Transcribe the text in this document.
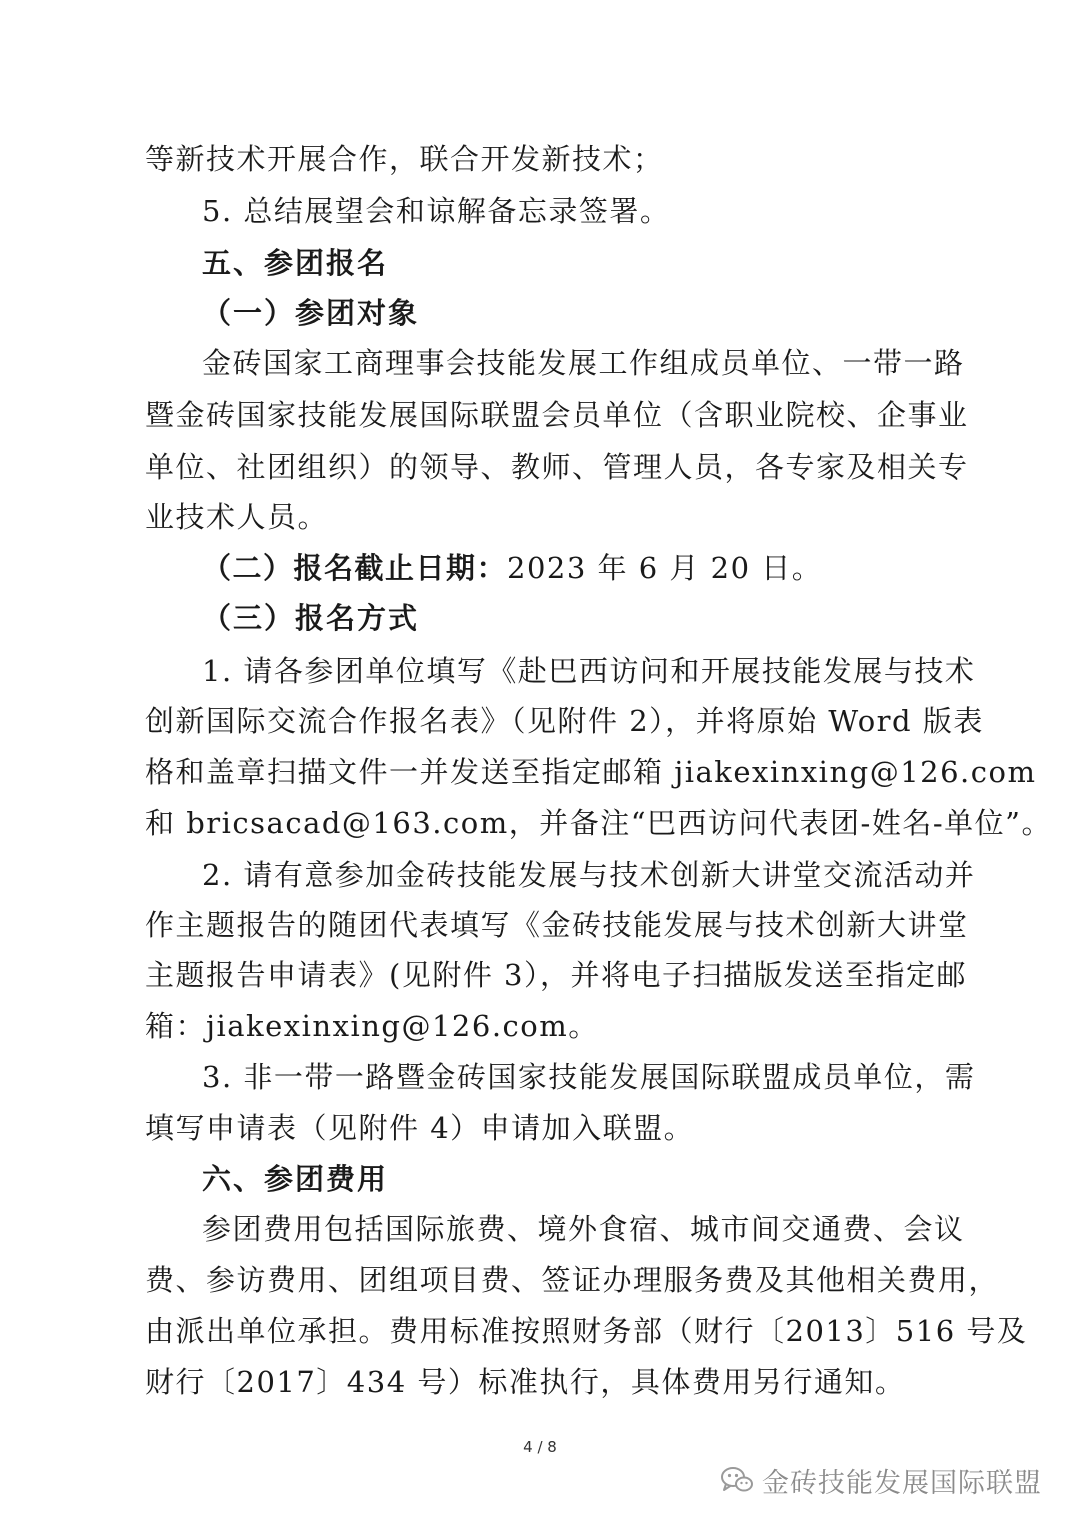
等新技术开展合作，联合开发新技术；
5. 总结展望会和谅解备忘录签署。
五、参团报名
（一）参团对象
金砖国家工商理事会技能发展工作组成员单位、一带一路
暨金砖国家技能发展国际联盟会员单位（含职业院校、企事业
单位、社团组织）的领导、教师、管理人员，各专家及相关专
业技术人员。
（二）报名截止日期：2023 年 6 月 20 日。
（三）报名方式
1. 请各参团单位填写《赴巴西访问和开展技能发展与技术
创新国际交流合作报名表》（见附件 2），并将原始 Word 版表
格和盖章扫描文件一并发送至指定邮箱 jiakexinxing@126.com
和 bricsacad@163.com，并备注“巴西访问代表团-姓名-单位”。
2. 请有意参加金砖技能发展与技术创新大讲堂交流活动并
作主题报告的随团代表填写《金砖技能发展与技术创新大讲堂
主题报告申请表》(见附件 3），并将电子扫描版发送至指定邮
箱：jiakexinxing@126.com。
3. 非一带一路暨金砖国家技能发展国际联盟成员单位，需
填写申请表（见附件 4）申请加入联盟。
六、参团费用
参团费用包括国际旅费、境外食宿、城市间交通费、会议
费、参访费用、团组项目费、签证办理服务费及其他相关费用，
由派出单位承担。费用标准按照财务部（财行〔2013〕516 号及
财行〔2017〕434 号）标准执行，具体费用另行通知。
4 / 8
金砖技能发展国际联盟
